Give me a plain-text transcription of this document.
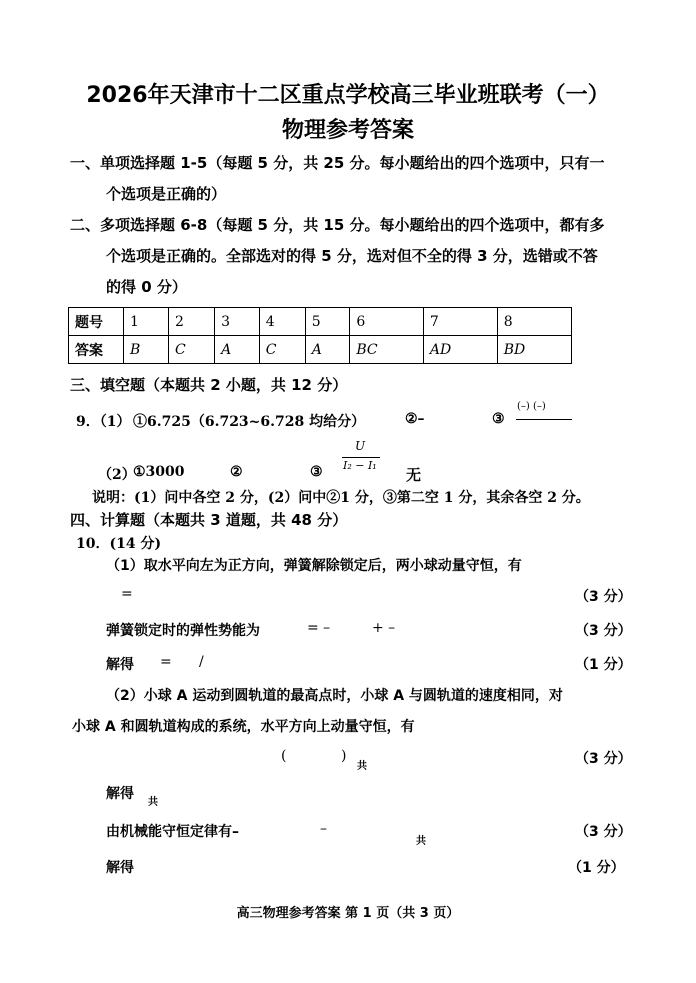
2026年天津市十二区重点学校高三毕业班联考（一）
物理参考答案
一、单项选择题 1-5（每题 5 分，共 25 分。每小题给出的四个选项中，只有一
个选项是正确的）
二、多项选择题 6-8（每题 5 分，共 15 分。每小题给出的四个选项中，都有多
个选项是正确的。全部选对的得 5 分，选对但不全的得 3 分，选错或不答
的得 0 分）
题号	1	2	3	4	5	6	7	8
答案	B	C	A	C	A	BC	AD	BD
三、填空题（本题共 2 小题，共 12 分）
9．（1） ①6.725（6.723~6.728 均给分）	②–	③
(–) (–)
（2）
①3000	②	③
U
I₂ − I₁
无
说明：(1）问中各空 2 分，(2）问中②1 分，③第二空 1 分，其余各空 2 分。
四、计算题（本题共 3 道题，共 48 分）
10．(14 分)
（1）取水平向左为正方向，弹簧解除锁定后，两小球动量守恒，有
=	（3 分）
弹簧锁定时的弹性势能为	= –	+ –	（3 分）
解得 = /	（1 分）
（2）小球 A 运动到圆轨道的最高点时，小球 A 与圆轨道的速度相同，对
小球 A 和圆轨道构成的系统，水平方向上动量守恒，有
(	)
共	（3 分）
解得
共
由机械能守恒定律有–	–
共
（3 分）
解得	（1 分）
高三物理参考答案 第 1 页（共 3 页）
